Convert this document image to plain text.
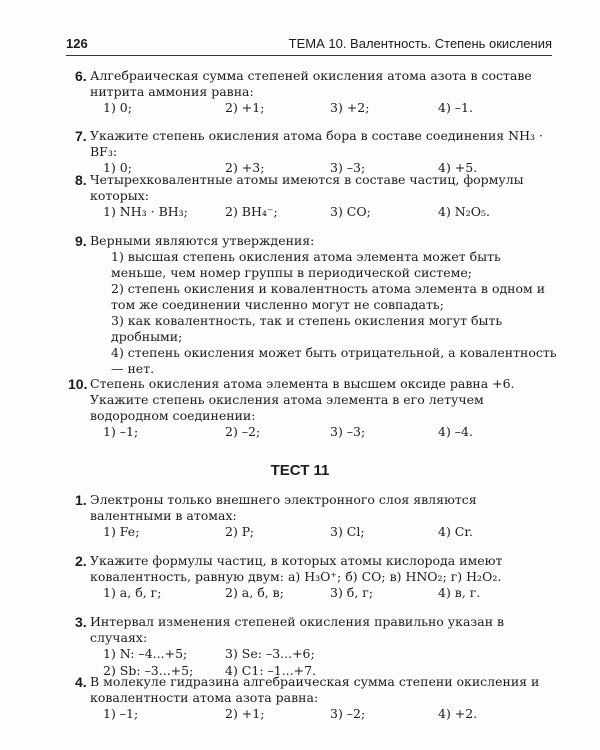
126	ТЕМА 10. Валентность. Степень окисления
6. Алгебраическая сумма степеней окисления атома азота в составе нитрита аммония равна:

1) 0;	2) +1;	3) +2;	4) –1.
7. Укажите степень окисления атома бора в составе соединения NH₃ · BF₃:

1) 0;	2) +3;	3) –3;	4) +5.
8. Четырехковалентные атомы имеются в составе частиц, формулы которых:

1) NH₃ · BH₃;	2) BH₄⁻;	3) CO;	4) N₂O₅.
9. Верными являются утверждения:

1) высшая степень окисления атома элемента может быть меньше, чем номер группы в периодической системе;
2) степень окисления и ковалентность атома элемента в одном и том же соединении численно могут не совпадать;
3) как ковалентность, так и степень окисления могут быть дробными;
4) степень окисления может быть отрицательной, а ковалентность — нет.
10. Степень окисления атома элемента в высшем оксиде равна +6. Укажите степень окисления атома элемента в его летучем водородном соединении:

1) –1;	2) –2;	3) –3;	4) –4.
ТЕСТ 11
1. Электроны только внешнего электронного слоя являются валентными в атомах:

1) Fe;	2) P;	3) Cl;	4) Cr.
2. Укажите формулы частиц, в которых атомы кислорода имеют ковалентность, равную двум: а) H₃O⁺; б) CO; в) HNO₂; г) H₂O₂.

1) а, б, г;	2) а, б, в;	3) б, г;	4) в, г.
3. Интервал изменения степеней окисления правильно указан в случаях:

1) N: –4...+5;	3) Se: –3...+6;
2) Sb: –3...+5;	4) C1: –1...+7.
4. В молекуле гидразина алгебраическая сумма степени окисления и ковалентности атома азота равна:

1) –1;	2) +1;	3) –2;	4) +2.
